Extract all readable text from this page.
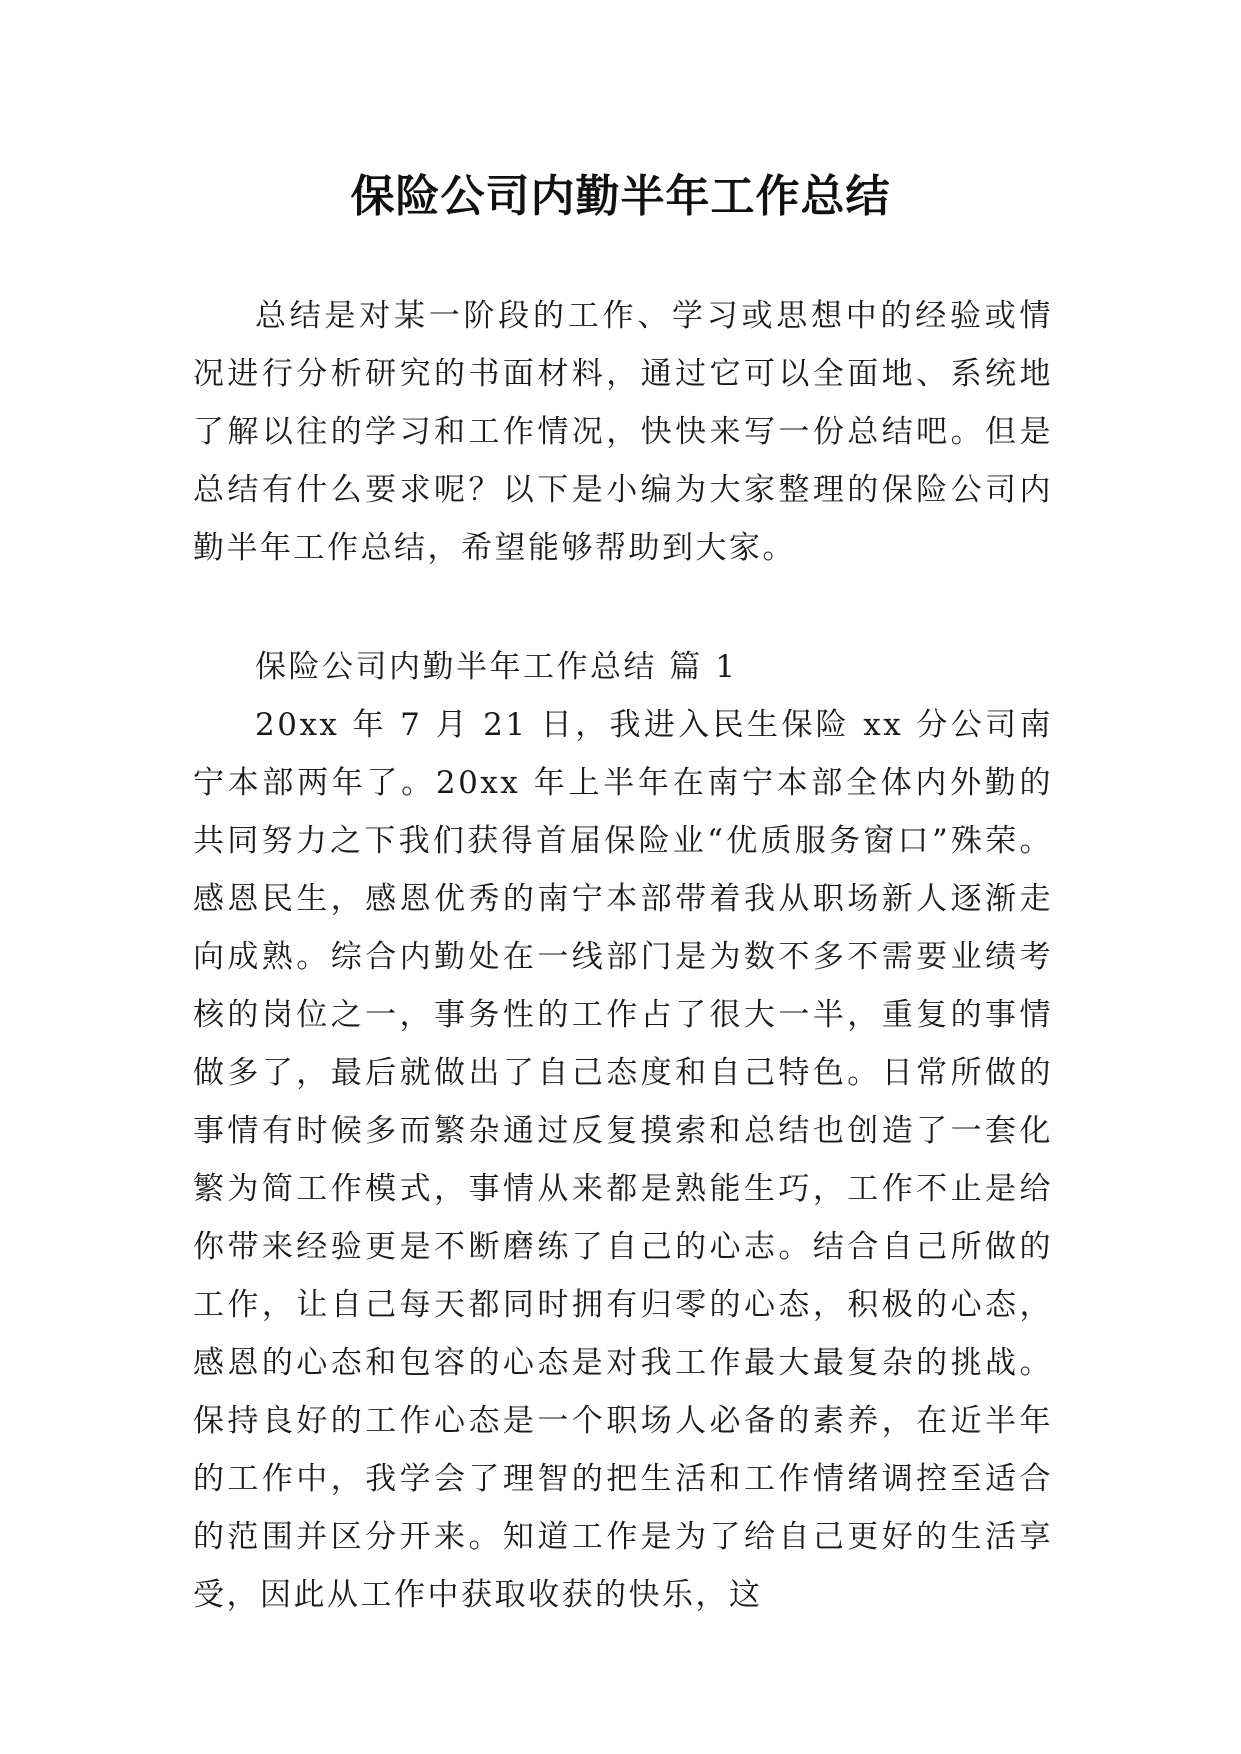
保险公司内勤半年工作总结

总结是对某一阶段的工作、学习或思想中的经验或情况进行分析研究的书面材料，通过它可以全面地、系统地了解以往的学习和工作情况，快快来写一份总结吧。但是总结有什么要求呢？以下是小编为大家整理的保险公司内勤半年工作总结，希望能够帮助到大家。

保险公司内勤半年工作总结 篇 1

20xx 年 7 月 21 日，我进入民生保险 xx 分公司南宁本部两年了。20xx 年上半年在南宁本部全体内外勤的共同努力之下我们获得首届保险业“优质服务窗口”殊荣。感恩民生，感恩优秀的南宁本部带着我从职场新人逐渐走向成熟。综合内勤处在一线部门是为数不多不需要业绩考核的岗位之一，事务性的工作占了很大一半，重复的事情做多了，最后就做出了自己态度和自己特色。日常所做的事情有时候多而繁杂通过反复摸索和总结也创造了一套化繁为简工作模式，事情从来都是熟能生巧，工作不止是给你带来经验更是不断磨练了自己的心志。结合自己所做的工作，让自己每天都同时拥有归零的心态，积极的心态，感恩的心态和包容的心态是对我工作最大最复杂的挑战。保持良好的工作心态是一个职场人必备的素养，在近半年的工作中，我学会了理智的把生活和工作情绪调控至适合的范围并区分开来。知道工作是为了给自己更好的生活享受，因此从工作中获取收获的快乐，这
